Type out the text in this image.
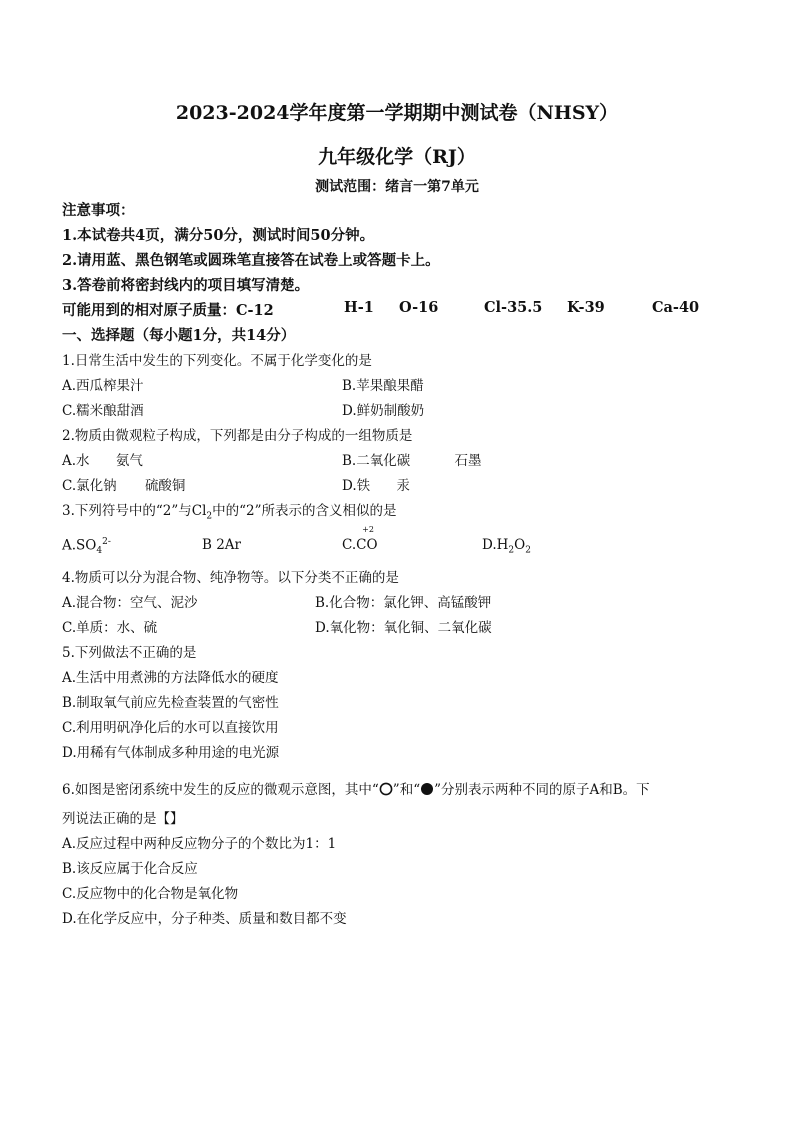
2023-2024学年度第一学期期中测试卷（NHSY）
九年级化学（RJ）
测试范围：绪言一第7单元
注意事项：
1.本试卷共4页，满分50分，测试时间50分钟。
2.请用蓝、黑色钢笔或圆珠笔直接答在试卷上或答题卡上。
3.答卷前将密封线内的项目填写清楚。
可能用到的相对原子质量：C-12	H-1 O-16	Cl-35.5 K-39	Ca-40
一、选择题（每小题1分，共14分）
1.日常生活中发生的下列变化。不属于化学变化的是
A.西瓜榨果汁	B.苹果酿果醋
C.糯米酿甜酒	D.鲜奶制酸奶
2.物质由微观粒子构成，下列都是由分子构成的一组物质是
A.水 氨气	B.二氧化碳	石墨
C.氯化钠 硫酸铜	D.铁 汞
3.下列符号中的“2”与$Cl_2$中的“2”所表示的含义相似的是
$A.SO_4^{2-}$	B 2Ar	C.
+2
CO	$D.H_2O_2$
4.物质可以分为混合物、纯净物等。以下分类不正确的是
A.混合物：空气、泥沙	B.化合物：氯化钾、高锰酸钾
C.单质：水、硫	D.氧化物：氧化铜、二氧化碳
5.下列做法不正确的是
A.生活中用煮沸的方法降低水的硬度
B.制取氧气前应先检查装置的气密性
C.利用明矾净化后的水可以直接饮用
D.用稀有气体制成多种用途的电光源
6.如图是密闭系统中发生的反应的微观示意图，其中“ ”和“ ”分别表示两种不同的原子A和B。下
列说法正确的是【】
A.反应过程中两种反应物分子的个数比为1：1
B.该反应属于化合反应
C.反应物中的化合物是氧化物
D.在化学反应中，分子种类、质量和数目都不变
